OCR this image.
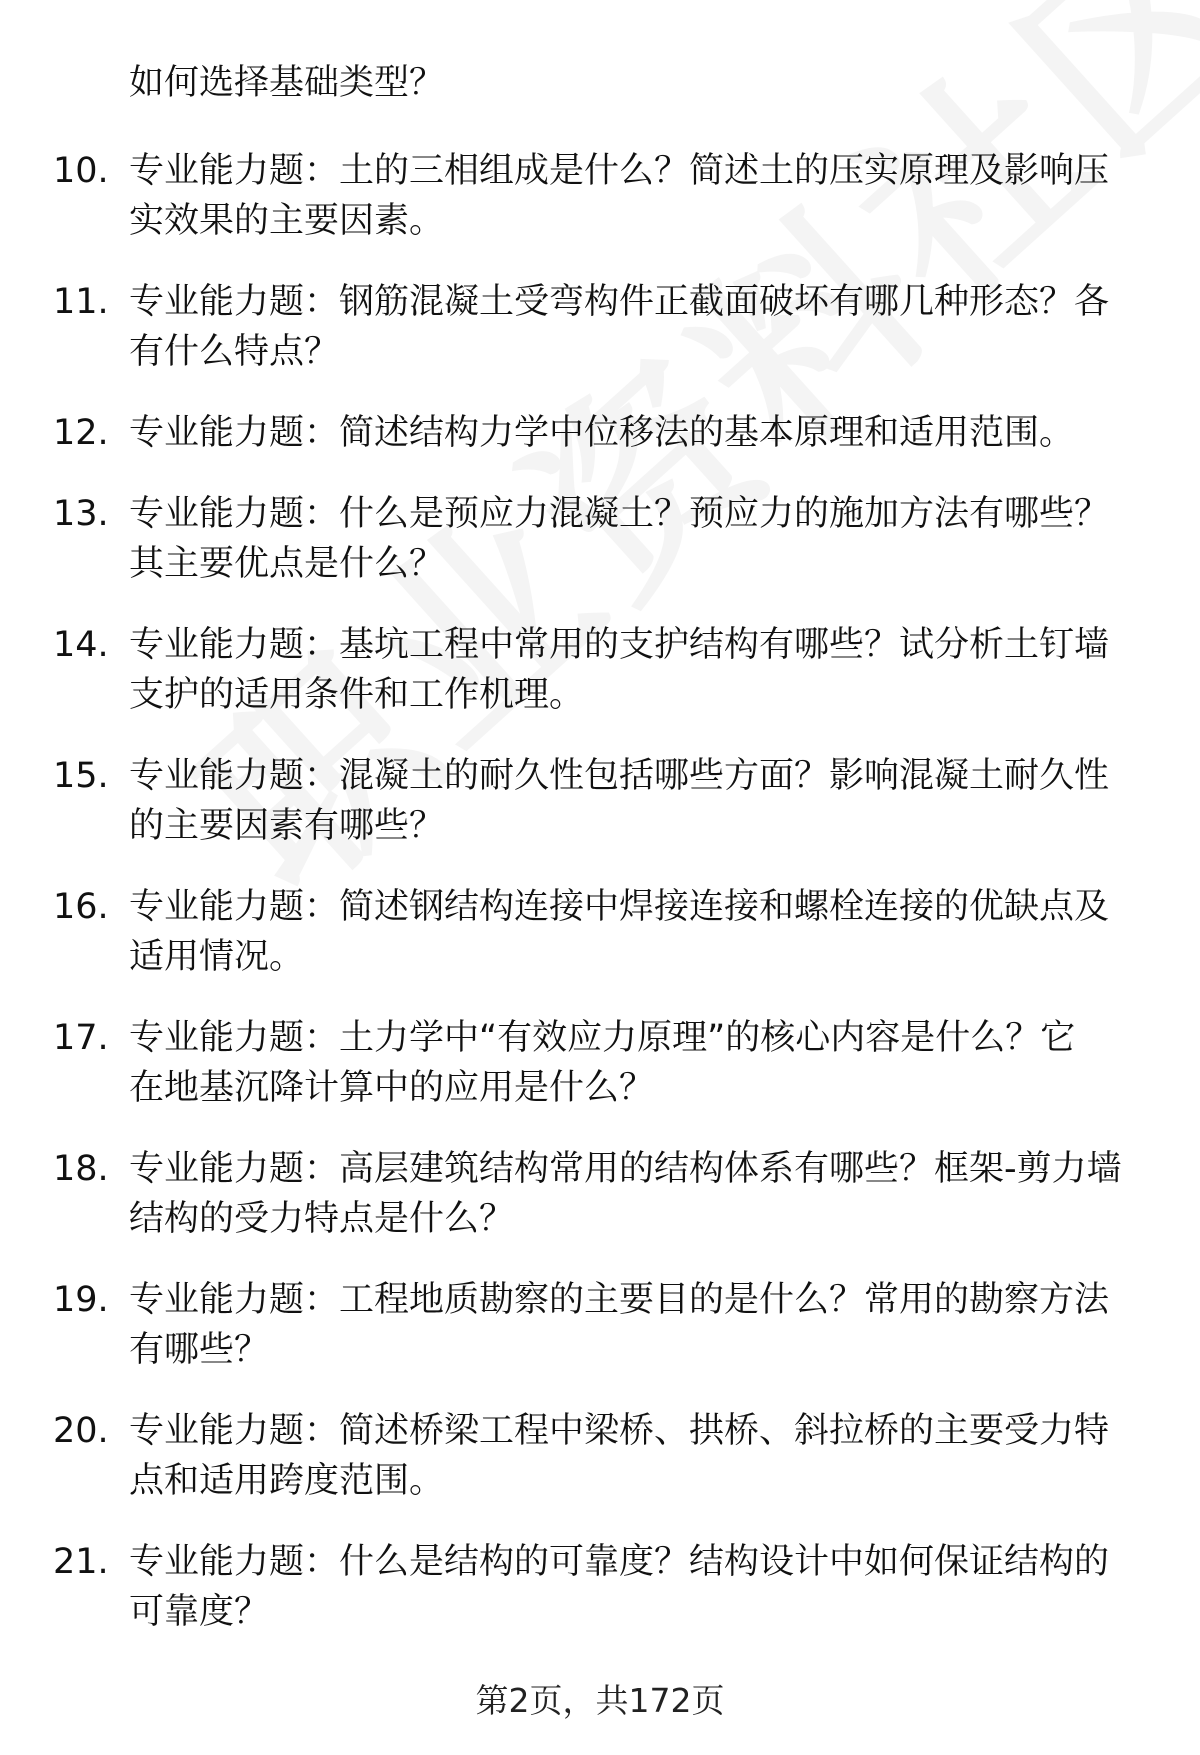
如何选择基础类型？
10. 专业能力题：土的三相组成是什么？简述土的压实原理及影响压
实效果的主要因素。
11. 专业能力题：钢筋混凝土受弯构件正截面破坏有哪几种形态？各
有什么特点？
12. 专业能力题：简述结构力学中位移法的基本原理和适用范围。
13. 专业能力题：什么是预应力混凝土？预应力的施加方法有哪些？
其主要优点是什么？
14. 专业能力题：基坑工程中常用的支护结构有哪些？试分析土钉墙
支护的适用条件和工作机理。
15. 专业能力题：混凝土的耐久性包括哪些方面？影响混凝土耐久性
的主要因素有哪些？
16. 专业能力题：简述钢结构连接中焊接连接和螺栓连接的优缺点及
适用情况。
17. 专业能力题：土力学中“有效应力原理”的核心内容是什么？它
在地基沉降计算中的应用是什么？
18. 专业能力题：高层建筑结构常用的结构体系有哪些？框架-剪力墙
结构的受力特点是什么？
19. 专业能力题：工程地质勘察的主要目的是什么？常用的勘察方法
有哪些？
20. 专业能力题：简述桥梁工程中梁桥、拱桥、斜拉桥的主要受力特
点和适用跨度范围。
21. 专业能力题：什么是结构的可靠度？结构设计中如何保证结构的
可靠度？
第2页，共172页
